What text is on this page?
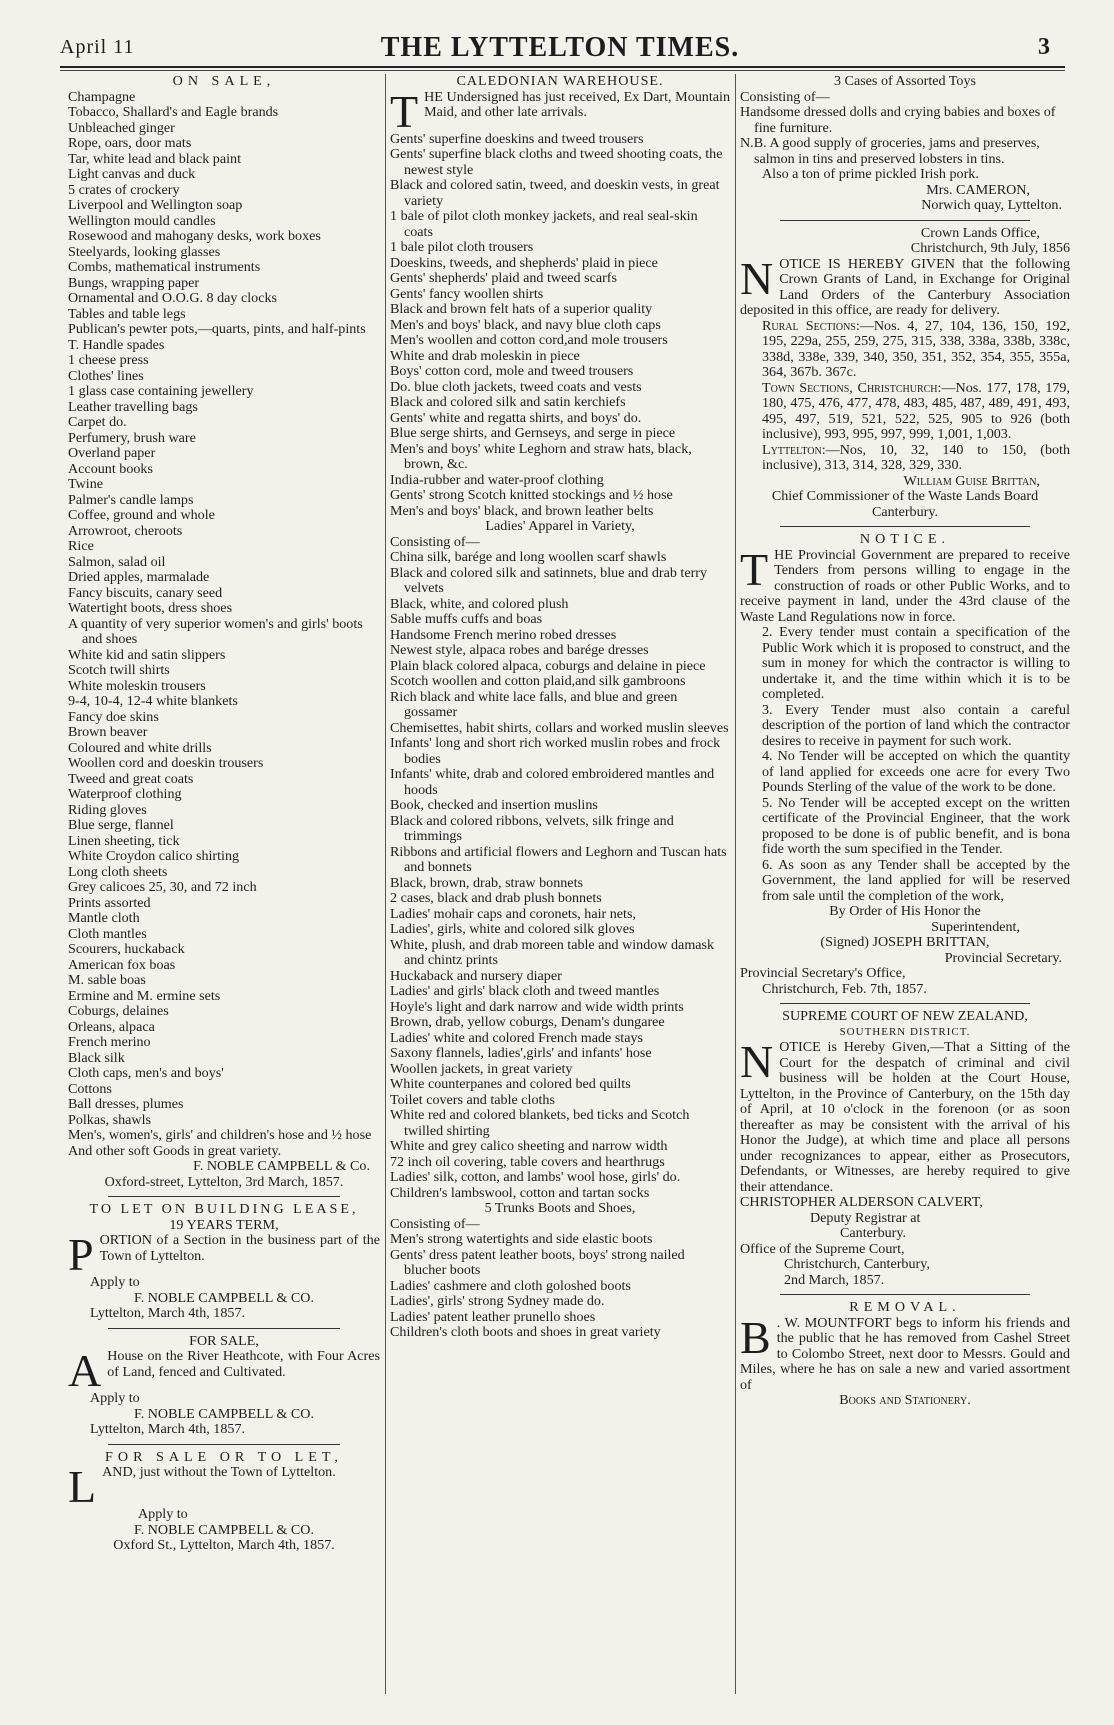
April 11	THE LYTTELTON TIMES.	3
ON SALE,
Champagne
Tobacco, Shallard's and Eagle brands
Unbleached ginger
Rope, oars, door mats
Tar, white lead and black paint
Light canvas and duck
5 crates of crockery
Liverpool and Wellington soap
Wellington mould candles
Rosewood and mahogany desks, work boxes
Steelyards, looking glasses
Combs, mathematical instruments
Bungs, wrapping paper
Ornamental and O.O.G. 8 day clocks
Tables and table legs
Publican's pewter pots,—quarts, pints, and half-pints
T. Handle spades
1 cheese press
Clothes' lines
1 glass case containing jewellery
Leather travelling bags
Carpet do.
Perfumery, brush ware
Overland paper
Account books
Twine
Palmer's candle lamps
Coffee, ground and whole
Arrowroot, cheroots
Rice
Salmon, salad oil
Dried apples, marmalade
Fancy biscuits, canary seed
Watertight boots, dress shoes
A quantity of very superior women's and girls' boots and shoes
White kid and satin slippers
Scotch twill shirts
White moleskin trousers
9-4, 10-4, 12-4 white blankets
Fancy doe skins
Brown beaver
Coloured and white drills
Woollen cord and doeskin trousers
Tweed and great coats
Waterproof clothing
Riding gloves
Blue serge, flannel
Linen sheeting, tick
White Croydon calico shirting
Long cloth sheets
Grey calicoes 25, 30, and 72 inch
Prints assorted
Mantle cloth
Cloth mantles
Scourers, huckaback
American fox boas
M. sable boas
Ermine and M. ermine sets
Coburgs, delaines
Orleans, alpaca
French merino
Black silk
Cloth caps, men's and boys'
Cottons
Ball dresses, plumes
Polkas, shawls
Men's, women's, girls' and children's hose and ½ hose
And other soft Goods in great variety.
F. NOBLE CAMPBELL & Co.
Oxford-street, Lyttelton, 3rd March, 1857.
TO LET ON BUILDING LEASE,
19 YEARS TERM,

PORTION of a Section in the business part of the Town of Lyttelton.

Apply to
F. NOBLE CAMPBELL & CO.
Lyttelton, March 4th, 1857.
FOR SALE,

A House on the River Heathcote, with Four Acres of Land, fenced and Cultivated.

Apply to
F. NOBLE CAMPBELL & CO.
Lyttelton, March 4th, 1857.
FOR SALE OR TO LET,

LAND, just without the Town of Lyttelton.

Apply to
F. NOBLE CAMPBELL & CO.
Oxford St., Lyttelton, March 4th, 1857.
CALEDONIAN WAREHOUSE.

THE Undersigned has just received, Ex Dart, Mountain Maid, and other late arrivals.

Gents' superfine doeskins and tweed trousers
Gents' superfine black cloths and tweed shooting coats, the newest style
Black and colored satin, tweed, and doeskin vests, in great variety
1 bale of pilot cloth monkey jackets, and real seal-skin coats
1 bale pilot cloth trousers
Doeskins, tweeds, and shepherds' plaid in piece
Gents' shepherds' plaid and tweed scarfs
Gents' fancy woollen shirts
Black and brown felt hats of a superior quality
Men's and boys' black, and navy blue cloth caps
Men's woollen and cotton cord,and mole trousers
White and drab moleskin in piece
Boys' cotton cord, mole and tweed trousers
Do. blue cloth jackets, tweed coats and vests
Black and colored silk and satin kerchiefs
Gents' white and regatta shirts, and boys' do.
Blue serge shirts, and Gernseys, and serge in piece
Men's and boys' white Leghorn and straw hats, black, brown, &c.
India-rubber and water-proof clothing
Gents' strong Scotch knitted stockings and ½ hose
Men's and boys' black, and brown leather belts
Ladies' Apparel in Variety,
Consisting of—
China silk, barége and long woollen scarf shawls
Black and colored silk and satinnets, blue and drab terry velvets
Black, white, and colored plush
Sable muffs cuffs and boas
Handsome French merino robed dresses
Newest style, alpaca robes and barége dresses
Plain black colored alpaca, coburgs and delaine in piece
Scotch woollen and cotton plaid,and silk gambroons
Rich black and white lace falls, and blue and green gossamer
Chemisettes, habit shirts, collars and worked muslin sleeves
Infants' long and short rich worked muslin robes and frock bodies
Infants' white, drab and colored embroidered mantles and hoods
Book, checked and insertion muslins
Black and colored ribbons, velvets, silk fringe and trimmings
Ribbons and artificial flowers and Leghorn and Tuscan hats and bonnets
Black, brown, drab, straw bonnets
2 cases, black and drab plush bonnets
Ladies' mohair caps and coronets, hair nets,
Ladies', girls, white and colored silk gloves
White, plush, and drab moreen table and window damask and chintz prints
Huckaback and nursery diaper
Ladies' and girls' black cloth and tweed mantles
Hoyle's light and dark narrow and wide width prints
Brown, drab, yellow coburgs, Denam's dungaree
Ladies' white and colored French made stays
Saxony flannels, ladies',girls' and infants' hose
Woollen jackets, in great variety
White counterpanes and colored bed quilts
Toilet covers and table cloths
White red and colored blankets, bed ticks and Scotch twilled shirting
White and grey calico sheeting and narrow width
72 inch oil covering, table covers and hearthrugs
Ladies' silk, cotton, and lambs' wool hose, girls' do.
Children's lambswool, cotton and tartan socks
5 Trunks Boots and Shoes,
Consisting of—
Men's strong watertights and side elastic boots
Gents' dress patent leather boots, boys' strong nailed blucher boots
Ladies' cashmere and cloth goloshed boots
Ladies', girls' strong Sydney made do.
Ladies' patent leather prunello shoes
Children's cloth boots and shoes in great variety
3 Cases of Assorted Toys
Consisting of—
Handsome dressed dolls and crying babies and boxes of fine furniture.

N.B. A good supply of groceries, jams and preserves, salmon in tins and preserved lobsters in tins.

Also a ton of prime pickled Irish pork.

Mrs. CAMERON,
Norwich quay, Lyttelton.
Crown Lands Office,
Christchurch, 9th July, 1856

NOTICE IS HEREBY GIVEN that the following Crown Grants of Land, in Exchange for Original Land Orders of the Canterbury Association deposited in this office, are ready for delivery.

Rural Sections:—Nos. 4, 27, 104, 136, 150, 192, 195, 229a, 255, 259, 275, 315, 338, 338a, 338b, 338c, 338d, 338e, 339, 340, 350, 351, 352, 354, 355, 355a, 364, 367b. 367c.

Town Sections, Christchurch:—Nos. 177, 178, 179, 180, 475, 476, 477, 478, 483, 485, 487, 489, 491, 493, 495, 497, 519, 521, 522, 525, 905 to 926 (both inclusive), 993, 995, 997, 999, 1,001, 1,003.

Lyttelton:—Nos, 10, 32, 140 to 150, (both inclusive), 313, 314, 328, 329, 330.

William Guise Brittan,
Chief Commissioner of the Waste Lands Board Canterbury.
NOTICE.

THE Provincial Government are prepared to receive Tenders from persons willing to engage in the construction of roads or other Public Works, and to receive payment in land, under the 43rd clause of the Waste Land Regulations now in force.

2. Every tender must contain a specification of the Public Work which it is proposed to construct, and the sum in money for which the contractor is willing to undertake it, and the time within which it is to be completed.

3. Every Tender must also contain a careful description of the portion of land which the contractor desires to receive in payment for such work.

4. No Tender will be accepted on which the quantity of land applied for exceeds one acre for every Two Pounds Sterling of the value of the work to be done.

5. No Tender will be accepted except on the written certificate of the Provincial Engineer, that the work proposed to be done is of public benefit, and is bona fide worth the sum specified in the Tender.

6. As soon as any Tender shall be accepted by the Government, the land applied for will be reserved from sale until the completion of the work,

By Order of His Honor the
Superintendent,
(Signed) JOSEPH BRITTAN,
Provincial Secretary.
Provincial Secretary's Office,
Christchurch, Feb. 7th, 1857.
SUPREME COURT OF NEW ZEALAND,
SOUTHERN DISTRICT.

NOTICE is Hereby Given,—That a Sitting of the Court for the despatch of criminal and civil business will be holden at the Court House, Lyttelton, in the Province of Canterbury, on the 15th day of April, at 10 o'clock in the forenoon (or as soon thereafter as may be consistent with the arrival of his Honor the Judge), at which time and place all persons under recognizances to appear, either as Prosecutors, Defendants, or Witnesses, are hereby required to give their attendance.

CHRISTOPHER ALDERSON CALVERT,
Deputy Registrar at
Canterbury.
Office of the Supreme Court,
Christchurch, Canterbury,
2nd March, 1857.
REMOVAL.

B . W. MOUNTFORT begs to inform his friends and the public that he has removed from Cashel Street to Colombo Street, next door to Messrs. Gould and Miles, where he has on sale a new and varied assortment of

Books and Stationery.
